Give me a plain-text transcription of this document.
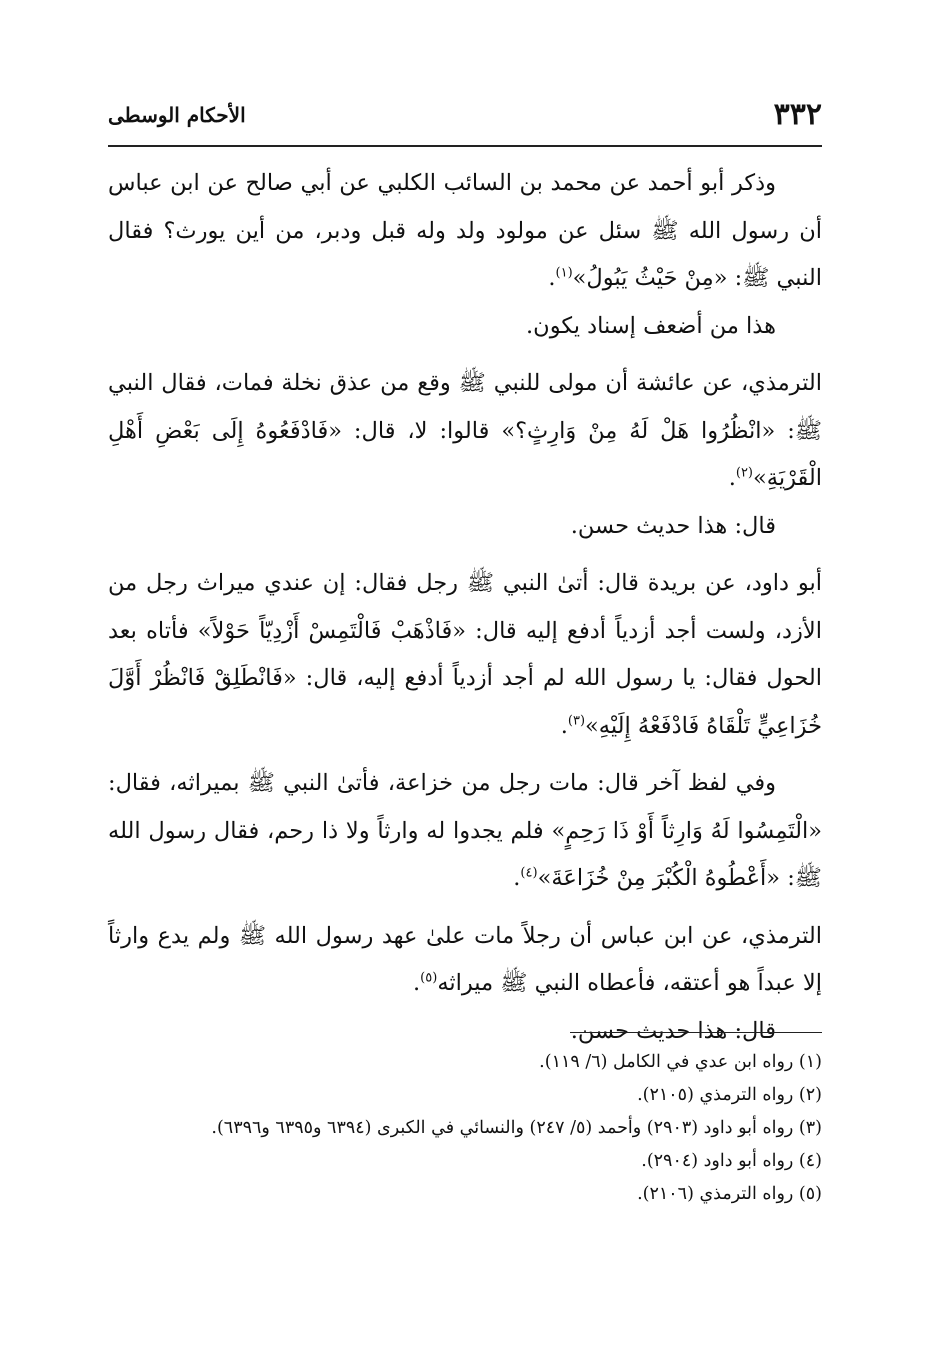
٣٣٢
الأحكام الوسطى

وذكر أبو أحمد عن محمد بن السائب الكلبي عن أبي صالح عن ابن عباس أن رسول الله ﷺ سئل عن مولود ولد وله قبل ودبر، من أين يورث؟ فقال النبي ﷺ: «مِنْ حَيْثُ يَبُولُ»$^{(١)}$.

هذا من أضعف إسناد يكون.

الترمذي، عن عائشة أن مولى للنبي ﷺ وقع من عذق نخلة فمات، فقال النبي ﷺ: «انْظُرُوا هَلْ لَهُ مِنْ وَارِثٍ؟» قالوا: لا، قال: «فَادْفَعُوهُ إِلَى بَعْضِ أَهْلِ الْقَرْيَةِ»$^{(٢)}$.

قال: هذا حديث حسن.

أبو داود، عن بريدة قال: أتىٰ النبي ﷺ رجل فقال: إن عندي ميراث رجل من الأزد، ولست أجد أزدياً أدفع إليه قال: «فَاذْهَبْ فَالْتَمِسْ أَزْدِيّاً حَوْلاً» فأتاه بعد الحول فقال: يا رسول الله لم أجد أزدياً أدفع إليه، قال: «فَانْطَلِقْ فَانْظُرْ أَوَّلَ خُزَاعِيٍّ تَلْقَاهُ فَادْفَعْهُ إِلَيْهِ»$^{(٣)}$.

وفي لفظ آخر قال: مات رجل من خزاعة، فأتىٰ النبي ﷺ بميراثه، فقال: «الْتَمِسُوا لَهُ وَارِثاً أَوْ ذَا رَحِمٍ» فلم يجدوا له وارثاً ولا ذا رحم، فقال رسول الله ﷺ: «أَعْطُوهُ الْكُبْرَ مِنْ خُزَاعَةَ»$^{(٤)}$.

الترمذي، عن ابن عباس أن رجلاً مات علىٰ عهد رسول الله ﷺ ولم يدع وارثاً إلا عبداً هو أعتقه، فأعطاه النبي ﷺ ميراثه$^{(٥)}$.

قال: هذا حديث حسن.

(١) رواه ابن عدي في الكامل (٦/ ١١٩).

(٢) رواه الترمذي (٢١٠٥).

(٣) رواه أبو داود (٢٩٠٣) وأحمد (٥/ ٢٤٧) والنسائي في الكبرى (٦٣٩٤ و٦٣٩٥ و٦٣٩٦).

(٤) رواه أبو داود (٢٩٠٤).

(٥) رواه الترمذي (٢١٠٦).
